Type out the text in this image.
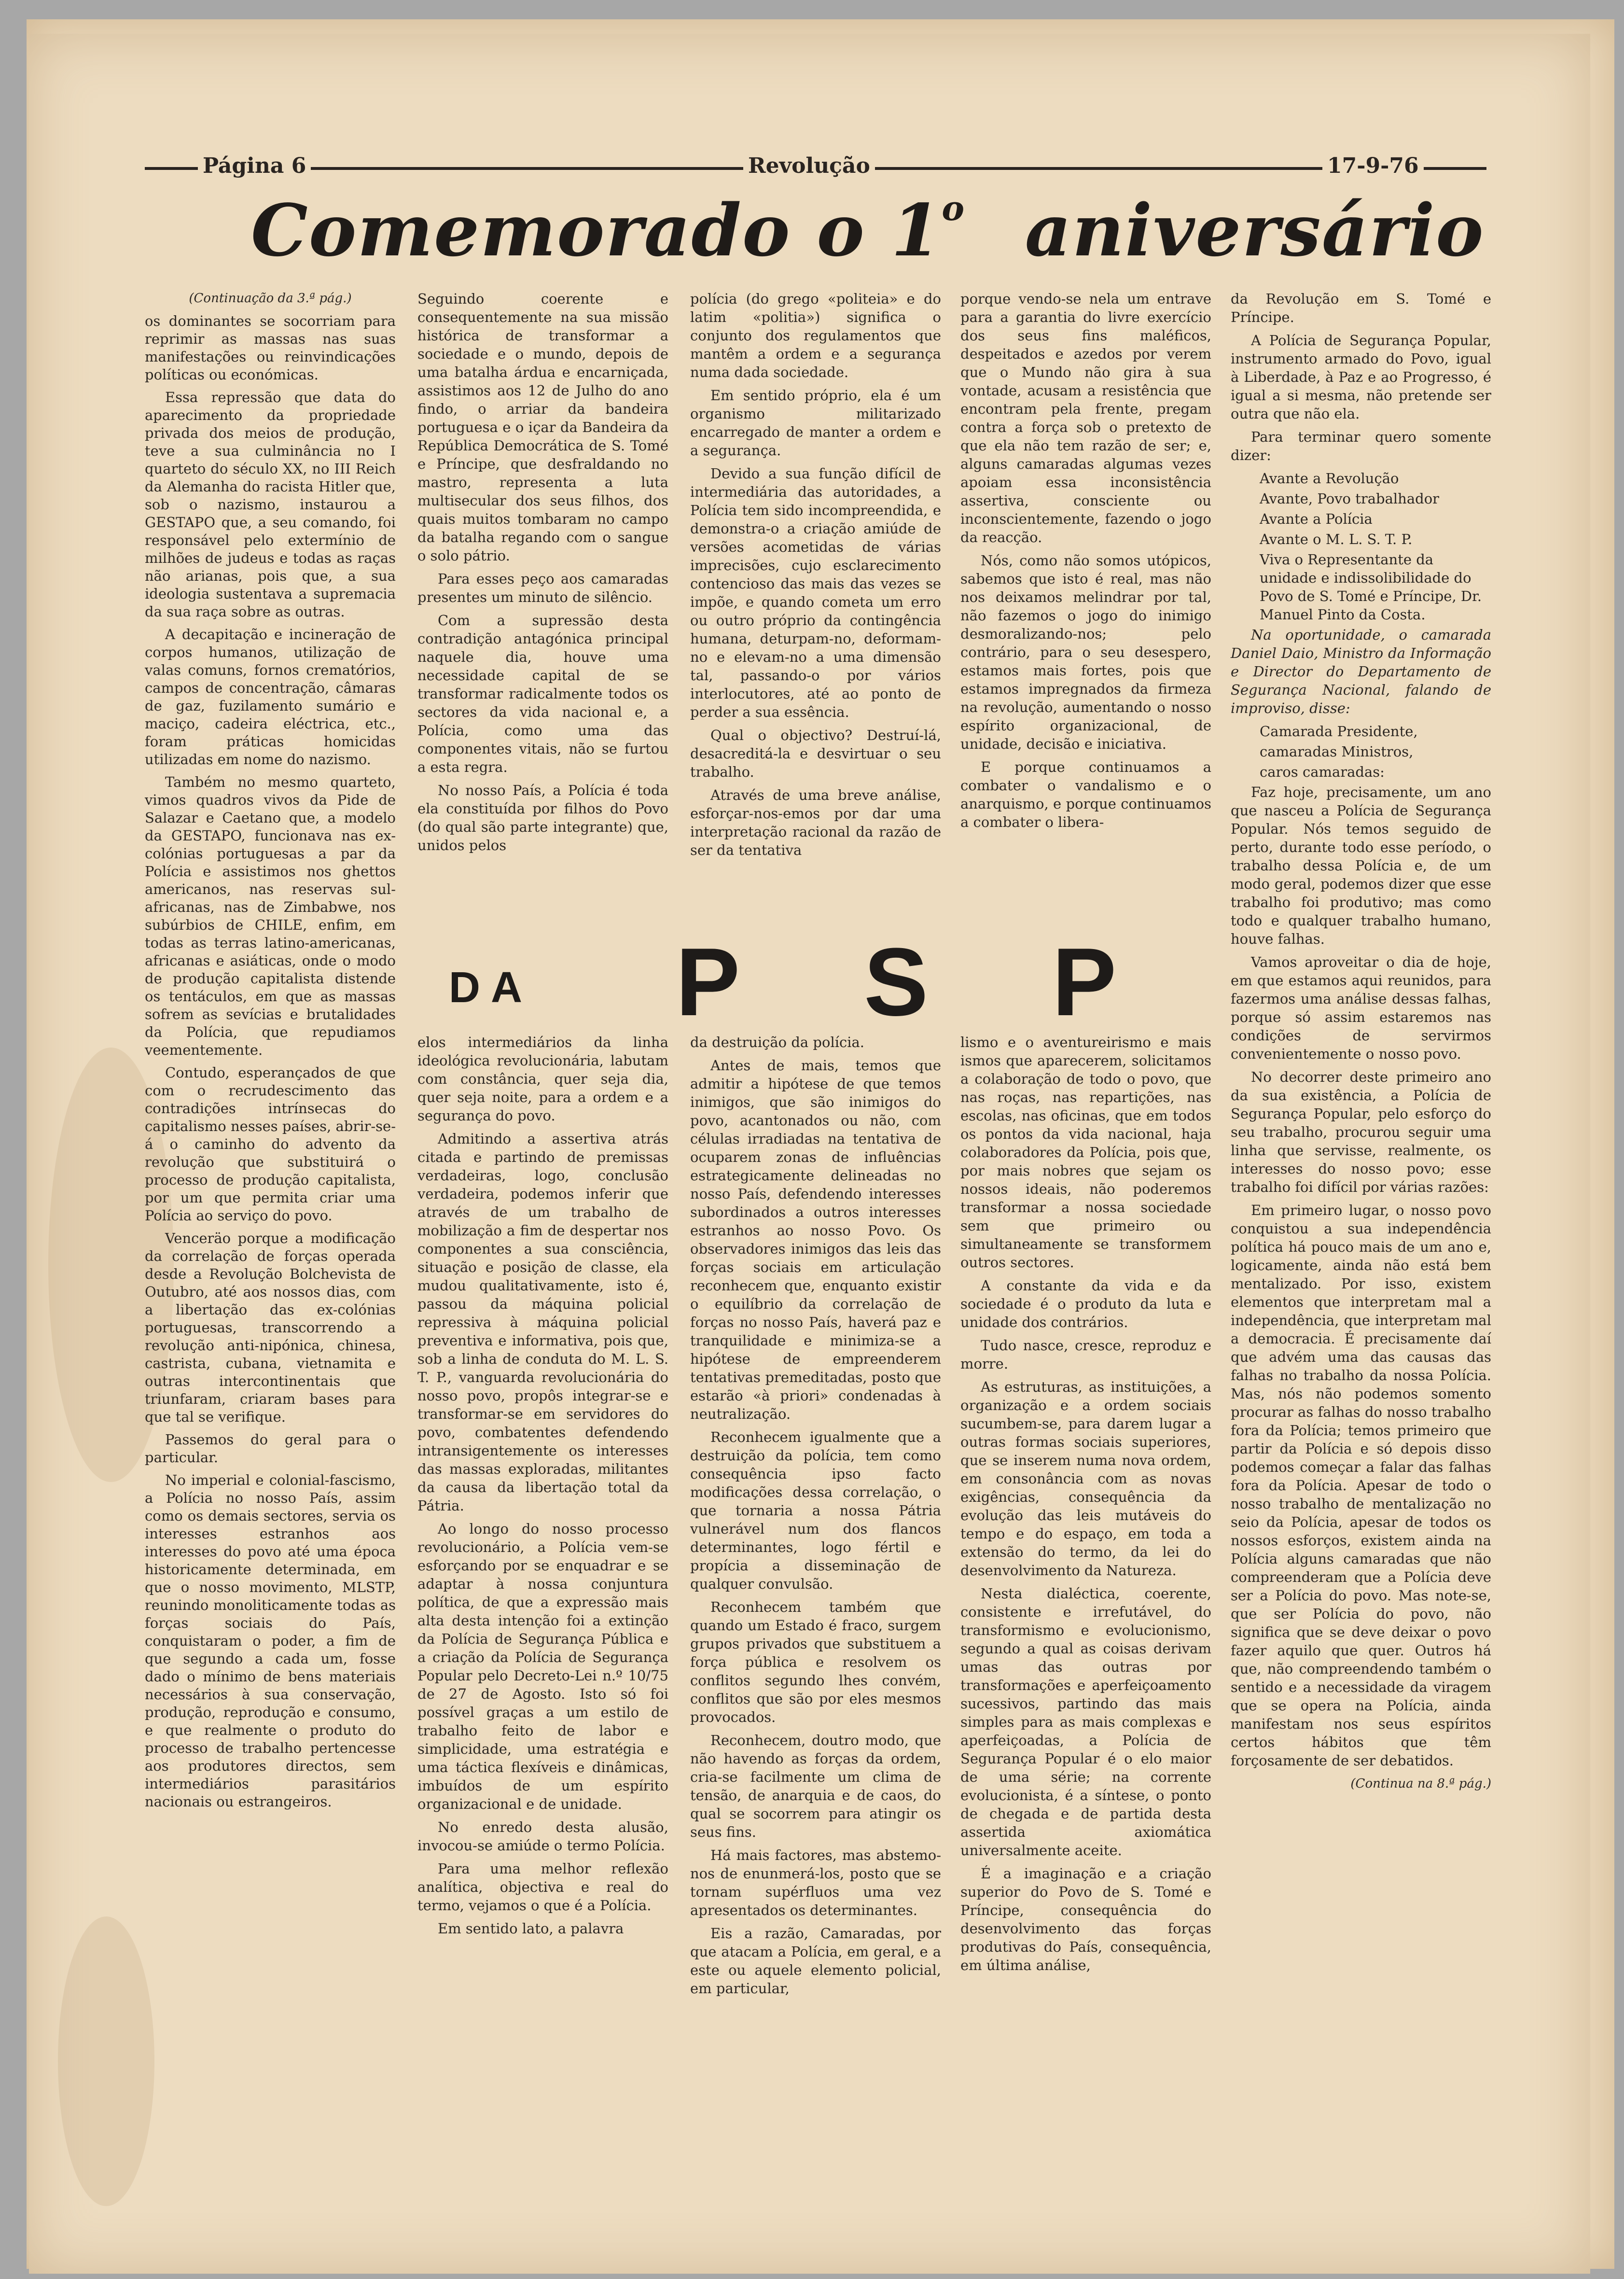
Página 6	Revolução	17-9-76
Comemorado o 1$^o$ aniversário

(Continuação da 3.ª pág.)

os dominantes se socorriam para reprimir as massas nas suas manifestações ou reinvindicações políticas ou económicas.

Essa repressão que data do aparecimento da propriedade privada dos meios de produção, teve a sua culminância no I quarteto do século XX, no III Reich da Alemanha do racista Hitler que, sob o nazismo, instaurou a GESTAPO que, a seu comando, foi responsável pelo extermínio de milhões de judeus e todas as raças não arianas, pois que, a sua ideologia sustentava a supremacia da sua raça sobre as outras.

A decapitação e incineração de corpos humanos, utilização de valas comuns, fornos crematórios, campos de concentração, câmaras de gaz, fuzilamento sumário e maciço, cadeira eléctrica, etc., foram práticas homicidas utilizadas em nome do nazismo.

Também no mesmo quarteto, vimos quadros vivos da Pide de Salazar e Caetano que, a modelo da GESTAPO, funcionava nas ex-colónias portuguesas a par da Polícia e assistimos nos ghettos americanos, nas reservas sul-africanas, nas de Zimbabwe, nos subúrbios de CHILE, enfim, em todas as terras latino-americanas, africanas e asiáticas, onde o modo de produção capitalista distende os tentáculos, em que as massas sofrem as sevícias e brutalidades da Polícia, que repudiamos veementemente.

Contudo, esperançados de que com o recrudescimento das contradições intrínsecas do capitalismo nesses países, abrir-se-á o caminho do advento da revolução que substituirá o processo de produção capitalista, por um que permita criar uma Polícia ao serviço do povo.

Venceräo porque a modificação da correlação de forças operada desde a Revolução Bolchevista de Outubro, até aos nossos dias, com a libertação das ex-colónias portuguesas, transcorrendo a revolução anti-nipónica, chinesa, castrista, cubana, vietnamita e outras intercontinentais que triunfaram, criaram bases para que tal se verifique.

Passemos do geral para o particular.

No imperial e colonial-fascismo, a Polícia no nosso País, assim como os demais sectores, servia os interesses estranhos aos interesses do povo até uma época historicamente determinada, em que o nosso movimento, MLSTP, reunindo monoliticamente todas as forças sociais do País, conquistaram o poder, a fim de que segundo a cada um, fosse dado o mínimo de bens materiais necessários à sua conservação, produção, reprodução e consumo, e que realmente o produto do processo de trabalho pertencesse aos produtores directos, sem intermediários parasitários nacionais ou estrangeiros.

Seguindo coerente e consequentemente na sua missão histórica de transformar a sociedade e o mundo, depois de uma batalha árdua e encarniçada, assistimos aos 12 de Julho do ano findo, o arriar da bandeira portuguesa e o içar da Bandeira da República Democrática de S. Tomé e Príncipe, que desfraldando no mastro, representa a luta multisecular dos seus filhos, dos quais muitos tombaram no campo da batalha regando com o sangue o solo pátrio.

Para esses peço aos camaradas presentes um minuto de silêncio.

Com a supressão desta contradição antagónica principal naquele dia, houve uma necessidade capital de se transformar radicalmente todos os sectores da vida nacional e, a Polícia, como uma das componentes vitais, não se furtou a esta regra.

No nosso País, a Polícia é toda ela constituída por filhos do Povo (do qual são parte integrante) que, unidos pelos

polícia (do grego «politeia» e do latim «politia») significa o conjunto dos regulamentos que mantêm a ordem e a segurança numa dada sociedade.

Em sentido próprio, ela é um organismo militarizado encarregado de manter a ordem e a segurança.

Devido a sua função difícil de intermediária das autoridades, a Polícia tem sido incompreendida, e demonstra-o a criação amiúde de versões acometidas de várias imprecisões, cujo esclarecimento contencioso das mais das vezes se impõe, e quando cometa um erro ou outro próprio da contingência humana, deturpam-no, deformam-no e elevam-no a uma dimensão tal, passando-o por vários interlocutores, até ao ponto de perder a sua essência.

Qual o objectivo? Destruí-lá, desacreditá-la e desvirtuar o seu trabalho.

Através de uma breve análise, esforçar-nos-emos por dar uma interpretação racional da razão de ser da tentativa

porque vendo-se nela um entrave para a garantia do livre exercício dos seus fins maléficos, despeitados e azedos por verem que o Mundo não gira à sua vontade, acusam a resistência que encontram pela frente, pregam contra a força sob o pretexto de que ela não tem razão de ser; e, alguns camaradas algumas vezes apoiam essa inconsistência assertiva, consciente ou inconscientemente, fazendo o jogo da reacção.

Nós, como não somos utópicos, sabemos que isto é real, mas não nos deixamos melindrar por tal, não fazemos o jogo do inimigo desmoralizando-nos; pelo contrário, para o seu desespero, estamos mais fortes, pois que estamos impregnados da firmeza na revolução, aumentando o nosso espírito organizacional, de unidade, decisão e iniciativa.

E porque continuamos a combater o vandalismo e o anarquismo, e porque continuamos a combater o libera-

da Revolução em S. Tomé e Príncipe.

A Polícia de Segurança Popular, instrumento armado do Povo, igual à Liberdade, à Paz e ao Progresso, é igual a si mesma, não pretende ser outra que não ela.

Para terminar quero somente dizer:

Avante a Revolução

Avante, Povo trabalhador

Avante a Polícia

Avante o M. L. S. T. P.

Viva o Representante da unidade e indissolibilidade do Povo de S. Tomé e Príncipe, Dr. Manuel Pinto da Costa.

Na oportunidade, o camarada Daniel Daio, Ministro da Informação e Director do Departamento de Segurança Nacional, falando de improviso, disse:

Camarada Presidente,

camaradas Ministros,

caros camaradas:

Faz hoje, precisamente, um ano que nasceu a Polícia de Segurança Popular. Nós temos seguido de perto, durante todo esse período, o trabalho dessa Polícia e, de um modo geral, podemos dizer que esse trabalho foi produtivo; mas como todo e qualquer trabalho humano, houve falhas.

Vamos aproveitar o dia de hoje, em que estamos aqui reunidos, para fazermos uma análise dessas falhas, porque só assim estaremos nas condições de servirmos convenientemente o nosso povo.

No decorrer deste primeiro ano da sua existência, a Polícia de Segurança Popular, pelo esforço do seu trabalho, procurou seguir uma linha que servisse, realmente, os interesses do nosso povo; esse trabalho foi difícil por várias razões:

Em primeiro lugar, o nosso povo conquistou a sua independência política há pouco mais de um ano e, logicamente, ainda não está bem mentalizado. Por isso, existem elementos que interpretam mal a independência, que interpretam mal a democracia. É precisamente daí que advém uma das causas das falhas no trabalho da nossa Polícia. Mas, nós não podemos somento procurar as falhas do nosso trabalho fora da Polícia; temos primeiro que partir da Polícia e só depois disso podemos começar a falar das falhas fora da Polícia. Apesar de todo o nosso trabalho de mentalização no seio da Polícia, apesar de todos os nossos esforços, existem ainda na Polícia alguns camaradas que não compreenderam que a Polícia deve ser a Polícia do povo. Mas note-se, que ser Polícia do povo, não significa que se deve deixar o povo fazer aquilo que quer. Outros há que, não compreendendo também o sentido e a necessidade da viragem que se opera na Polícia, ainda manifestam nos seus espíritos certos hábitos que têm forçosamente de ser debatidos.

(Continua na 8.ª pág.)

DA P S P

elos intermediários da linha ideológica revolucionária, labutam com constância, quer seja dia, quer seja noite, para a ordem e a segurança do povo.

Admitindo a assertiva atrás citada e partindo de premissas verdadeiras, logo, conclusão verdadeira, podemos inferir que através de um trabalho de mobilização a fim de despertar nos componentes a sua consciência, situação e posição de classe, ela mudou qualitativamente, isto é, passou da máquina policial repressiva à máquina policial preventiva e informativa, pois que, sob a linha de conduta do M. L. S. T. P., vanguarda revolucionária do nosso povo, propôs integrar-se e transformar-se em servidores do povo, combatentes defendendo intransigentemente os interesses das massas exploradas, militantes da causa da libertação total da Pátria.

Ao longo do nosso processo revolucionário, a Polícia vem-se esforçando por se enquadrar e se adaptar à nossa conjuntura política, de que a expressão mais alta desta intenção foi a extinção da Polícia de Segurança Pública e a criação da Polícia de Segurança Popular pelo Decreto-Lei n.º 10/75 de 27 de Agosto. Isto só foi possível graças a um estilo de trabalho feito de labor e simplicidade, uma estratégia e uma táctica flexíveis e dinâmicas, imbuídos de um espírito organizacional e de unidade.

No enredo desta alusão, invocou-se amiúde o termo Polícia.

Para uma melhor reflexão analítica, objectiva e real do termo, vejamos o que é a Polícia.

Em sentido lato, a palavra

da destruição da polícia.

Antes de mais, temos que admitir a hipótese de que temos inimigos, que são inimigos do povo, acantonados ou não, com células irradiadas na tentativa de ocuparem zonas de influências estrategicamente delineadas no nosso País, defendendo interesses subordinados a outros interesses estranhos ao nosso Povo. Os observadores inimigos das leis das forças sociais em articulação reconhecem que, enquanto existir o equilíbrio da correlação de forças no nosso País, haverá paz e tranquilidade e minimiza-se a hipótese de empreenderem tentativas premeditadas, posto que estarão «à priori» condenadas à neutralização.

Reconhecem igualmente que a destruição da polícia, tem como consequência ipso facto modificações dessa correlação, o que tornaria a nossa Pátria vulnerável num dos flancos determinantes, logo fértil e propícia a disseminação de qualquer convulsão.

Reconhecem também que quando um Estado é fraco, surgem grupos privados que substituem a força pública e resolvem os conflitos segundo lhes convém, conflitos que são por eles mesmos provocados.

Reconhecem, doutro modo, que não havendo as forças da ordem, cria-se facilmente um clima de tensão, de anarquia e de caos, do qual se socorrem para atingir os seus fins.

Há mais factores, mas abstemo-nos de enunmerá-los, posto que se tornam supérfluos uma vez apresentados os determinantes.

Eis a razão, Camaradas, por que atacam a Polícia, em geral, e a este ou aquele elemento policial, em particular,

lismo e o aventureirismo e mais ismos que aparecerem, solicitamos a colaboração de todo o povo, que nas roças, nas repartições, nas escolas, nas oficinas, que em todos os pontos da vida nacional, haja colaboradores da Polícia, pois que, por mais nobres que sejam os nossos ideais, não poderemos transformar a nossa sociedade sem que primeiro ou simultaneamente se transformem outros sectores.

A constante da vida e da sociedade é o produto da luta e unidade dos contrários.

Tudo nasce, cresce, reproduz e morre.

As estruturas, as instituições, a organização e a ordem sociais sucumbem-se, para darem lugar a outras formas sociais superiores, que se inserem numa nova ordem, em consonância com as novas exigências, consequência da evolução das leis mutáveis do tempo e do espaço, em toda a extensão do termo, da lei do desenvolvimento da Natureza.

Nesta dialéctica, coerente, consistente e irrefutável, do transformismo e evolucionismo, segundo a qual as coisas derivam umas das outras por transformações e aperfeiçoamento sucessivos, partindo das mais simples para as mais complexas e aperfeiçoadas, a Polícia de Segurança Popular é o elo maior de uma série; na corrente evolucionista, é a síntese, o ponto de chegada e de partida desta assertida axiomática universalmente aceite.

É a imaginação e a criação superior do Povo de S. Tomé e Príncipe, consequência do desenvolvimento das forças produtivas do País, consequência, em última análise,
